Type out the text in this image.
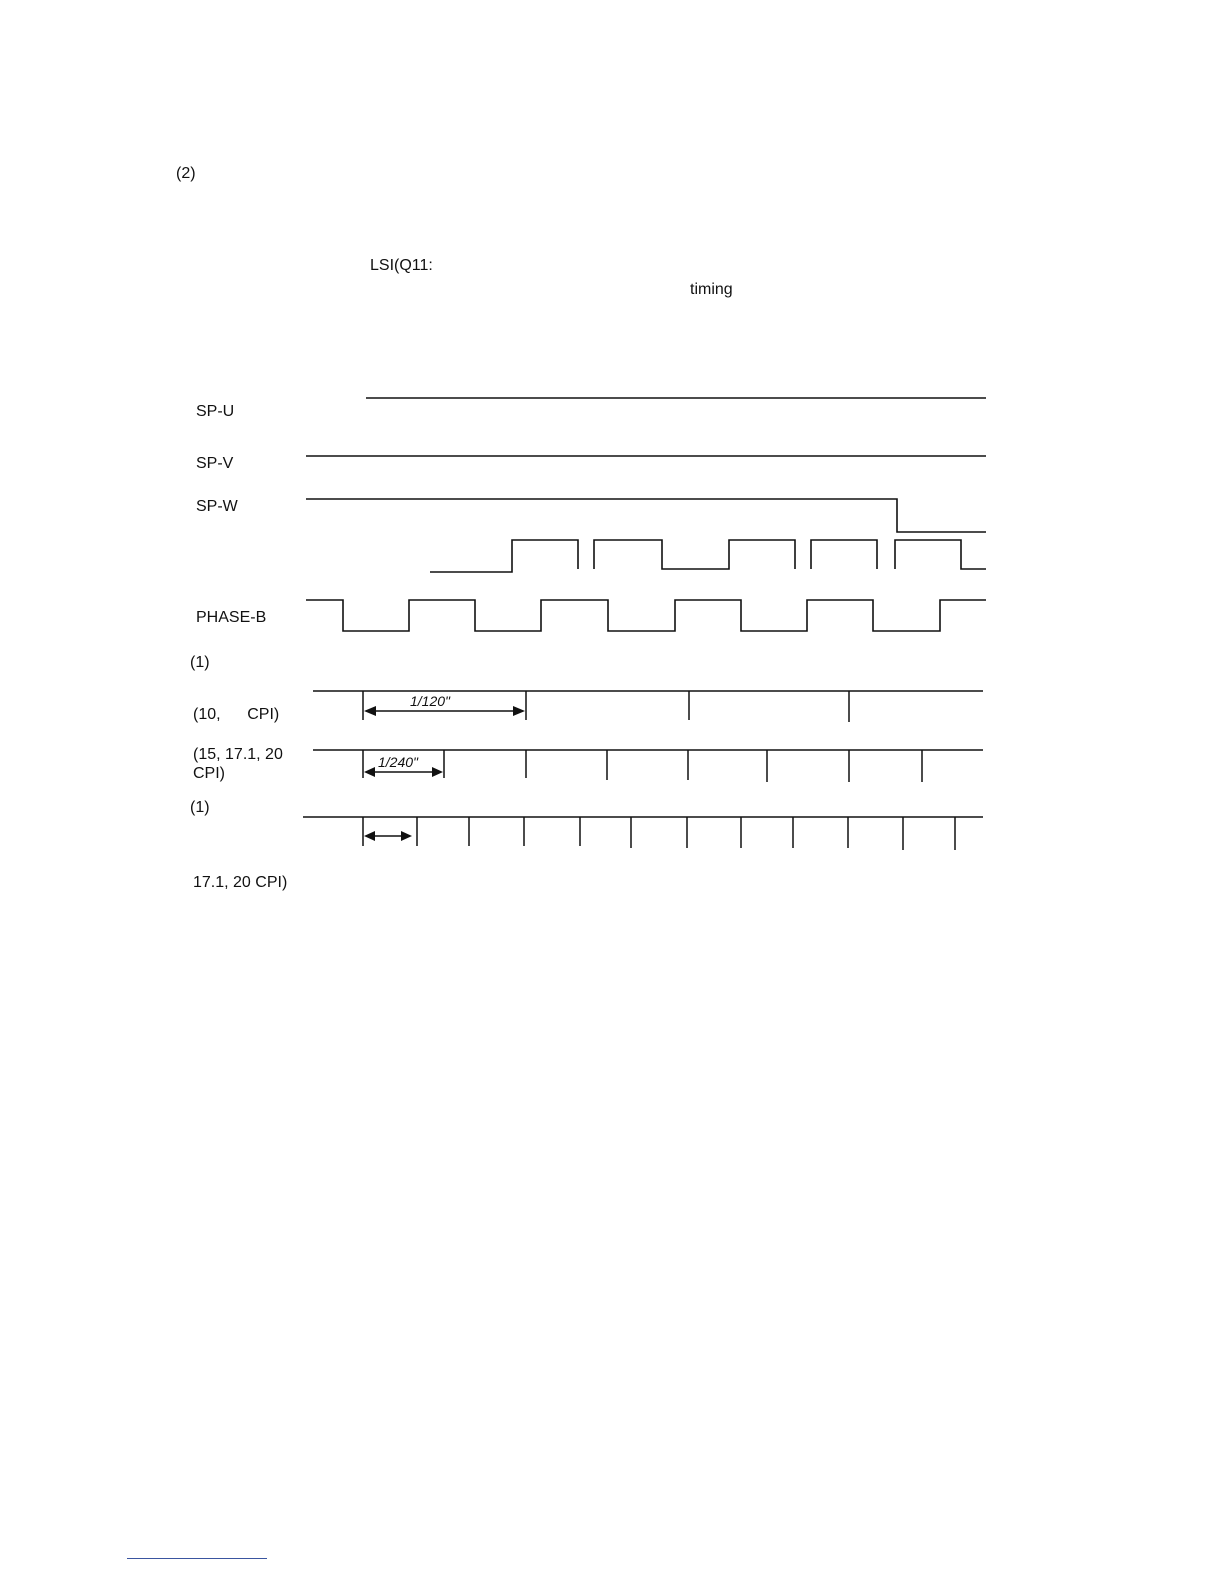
(2)
LSI(Q11:
timing
SP-U
SP-V
SP-W
PHASE-B
(1)
(10,      CPI)
(15, 17.1, 20
CPI)
(1)
17.1, 20 CPI)
1/120"
1/240"
